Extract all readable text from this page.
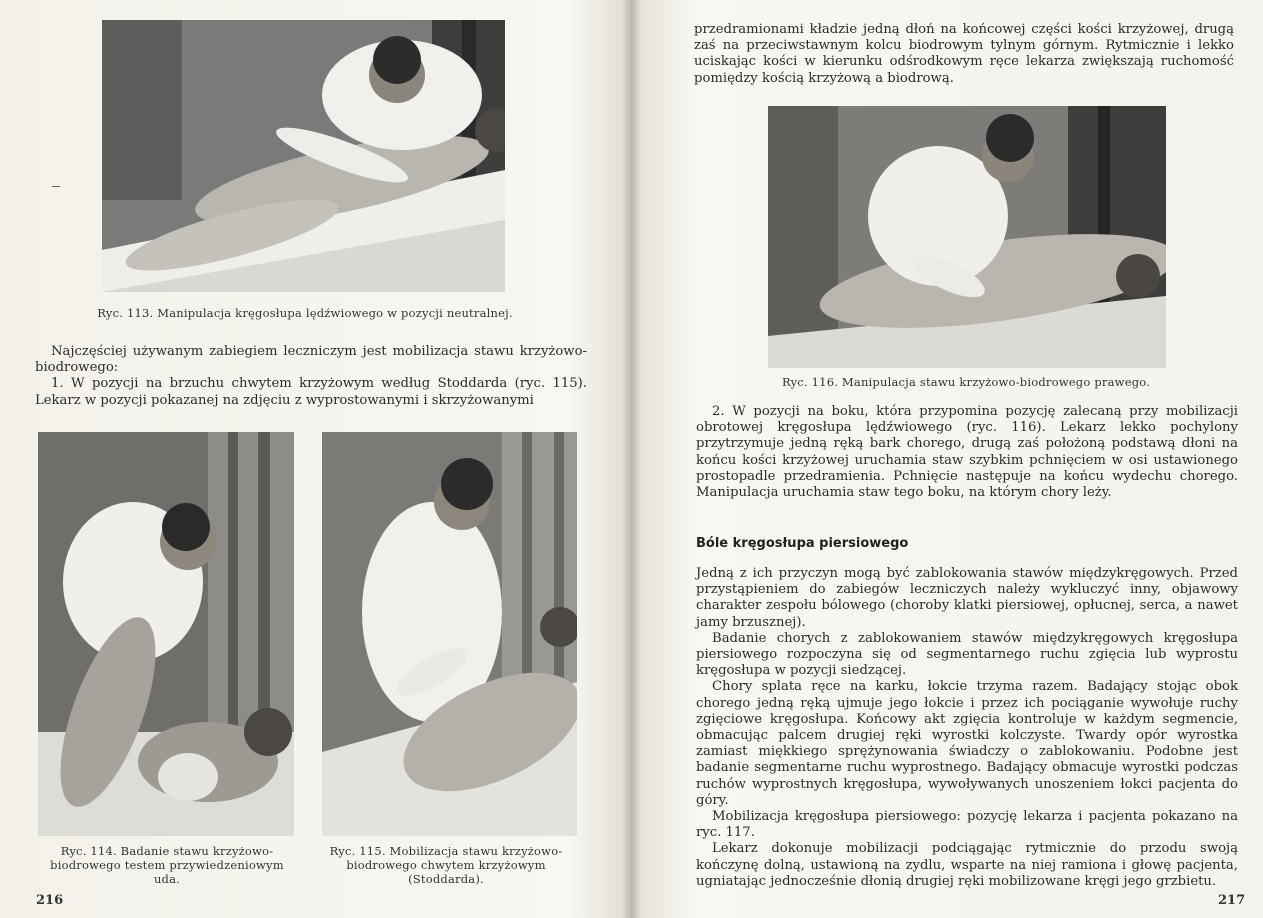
Ryc. 113. Manipulacja kręgosłupa lędźwiowego w pozycji neutralnej.

Najczęściej używanym zabiegiem leczniczym jest mobilizacja stawu krzyżowo-biodrowego:

1. W pozycji na brzuchu chwytem krzyżowym według Stoddarda (ryc. 115). Lekarz w pozycji pokazanej na zdjęciu z wyprostowanymi i skrzyżowanymi

Ryc. 114. Badanie stawu krzyżowo-biodrowego testem przywiedzeniowym uda.
Ryc. 115. Mobilizacja stawu krzyżowo-biodrowego chwytem krzyżowym (Stoddarda).
216

przedramionami kładzie jedną dłoń na końcowej części kości krzyżowej, drugą zaś na przeciwstawnym kolcu biodrowym tylnym górnym. Rytmicznie i lekko uciskając kości w kierunku odśrodkowym ręce lekarza zwiększają ruchomość pomiędzy kością krzyżową a biodrową.

Ryc. 116. Manipulacja stawu krzyżowo-biodrowego prawego.

2. W pozycji na boku, która przypomina pozycję zalecaną przy mobilizacji obrotowej kręgosłupa lędźwiowego (ryc. 116). Lekarz lekko pochylony przytrzymuje jedną ręką bark chorego, drugą zaś położoną podstawą dłoni na końcu kości krzyżowej uruchamia staw szybkim pchnięciem w osi ustawionego prostopadle przedramienia. Pchnięcie następuje na końcu wydechu chorego. Manipulacja uruchamia staw tego boku, na którym chory leży.

Bóle kręgosłupa piersiowego

Jedną z ich przyczyn mogą być zablokowania stawów międzykręgowych. Przed przystąpieniem do zabiegów leczniczych należy wykluczyć inny, objawowy charakter zespołu bólowego (choroby klatki piersiowej, opłucnej, serca, a nawet jamy brzusznej).

Badanie chorych z zablokowaniem stawów międzykręgowych kręgosłupa piersiowego rozpoczyna się od segmentarnego ruchu zgięcia lub wyprostu kręgosłupa w pozycji siedzącej.

Chory splata ręce na karku, łokcie trzyma razem. Badający stojąc obok chorego jedną ręką ujmuje jego łokcie i przez ich pociąganie wywołuje ruchy zgięciowe kręgosłupa. Końcowy akt zgięcia kontroluje w każdym segmencie, obmacując palcem drugiej ręki wyrostki kolczyste. Twardy opór wyrostka zamiast miękkiego sprężynowania świadczy o zablokowaniu. Podobne jest badanie segmentarne ruchu wyprostnego. Badający obmacuje wyrostki podczas ruchów wyprostnych kręgosłupa, wywoływanych unoszeniem łokci pacjenta do góry.

Mobilizacja kręgosłupa piersiowego: pozycję lekarza i pacjenta pokazano na ryc. 117.

Lekarz dokonuje mobilizacji podciągając rytmicznie do przodu swoją kończynę dolną, ustawioną na zydlu, wsparte na niej ramiona i głowę pacjenta, ugniatając jednocześnie dłonią drugiej ręki mobilizowane kręgi jego grzbietu.

217
